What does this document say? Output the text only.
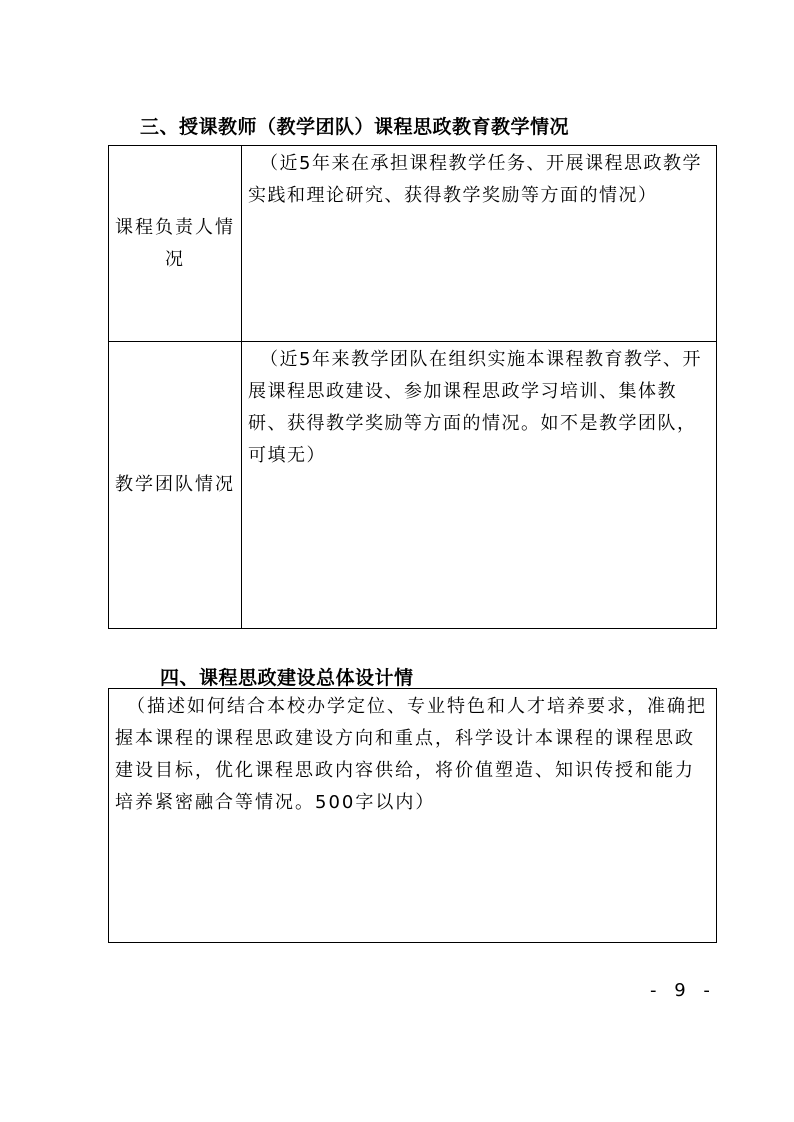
三、授课教师（教学团队）课程思政教育教学情况
课程负责人情况	（近5年来在承担课程教学任务、开展课程思政教学实践和理论研究、获得教学奖励等方面的情况）

教学团队情况	（近5年来教学团队在组织实施本课程教育教学、开展课程思政建设、参加课程思政学习培训、集体教研、获得教学奖励等方面的情况。如不是教学团队，可填无）
四、课程思政建设总体设计情
（描述如何结合本校办学定位、专业特色和人才培养要求，准确把握本课程的课程思政建设方向和重点，科学设计本课程的课程思政建设目标，优化课程思政内容供给，将价值塑造、知识传授和能力培养紧密融合等情况。500字以内）
- 9 -
